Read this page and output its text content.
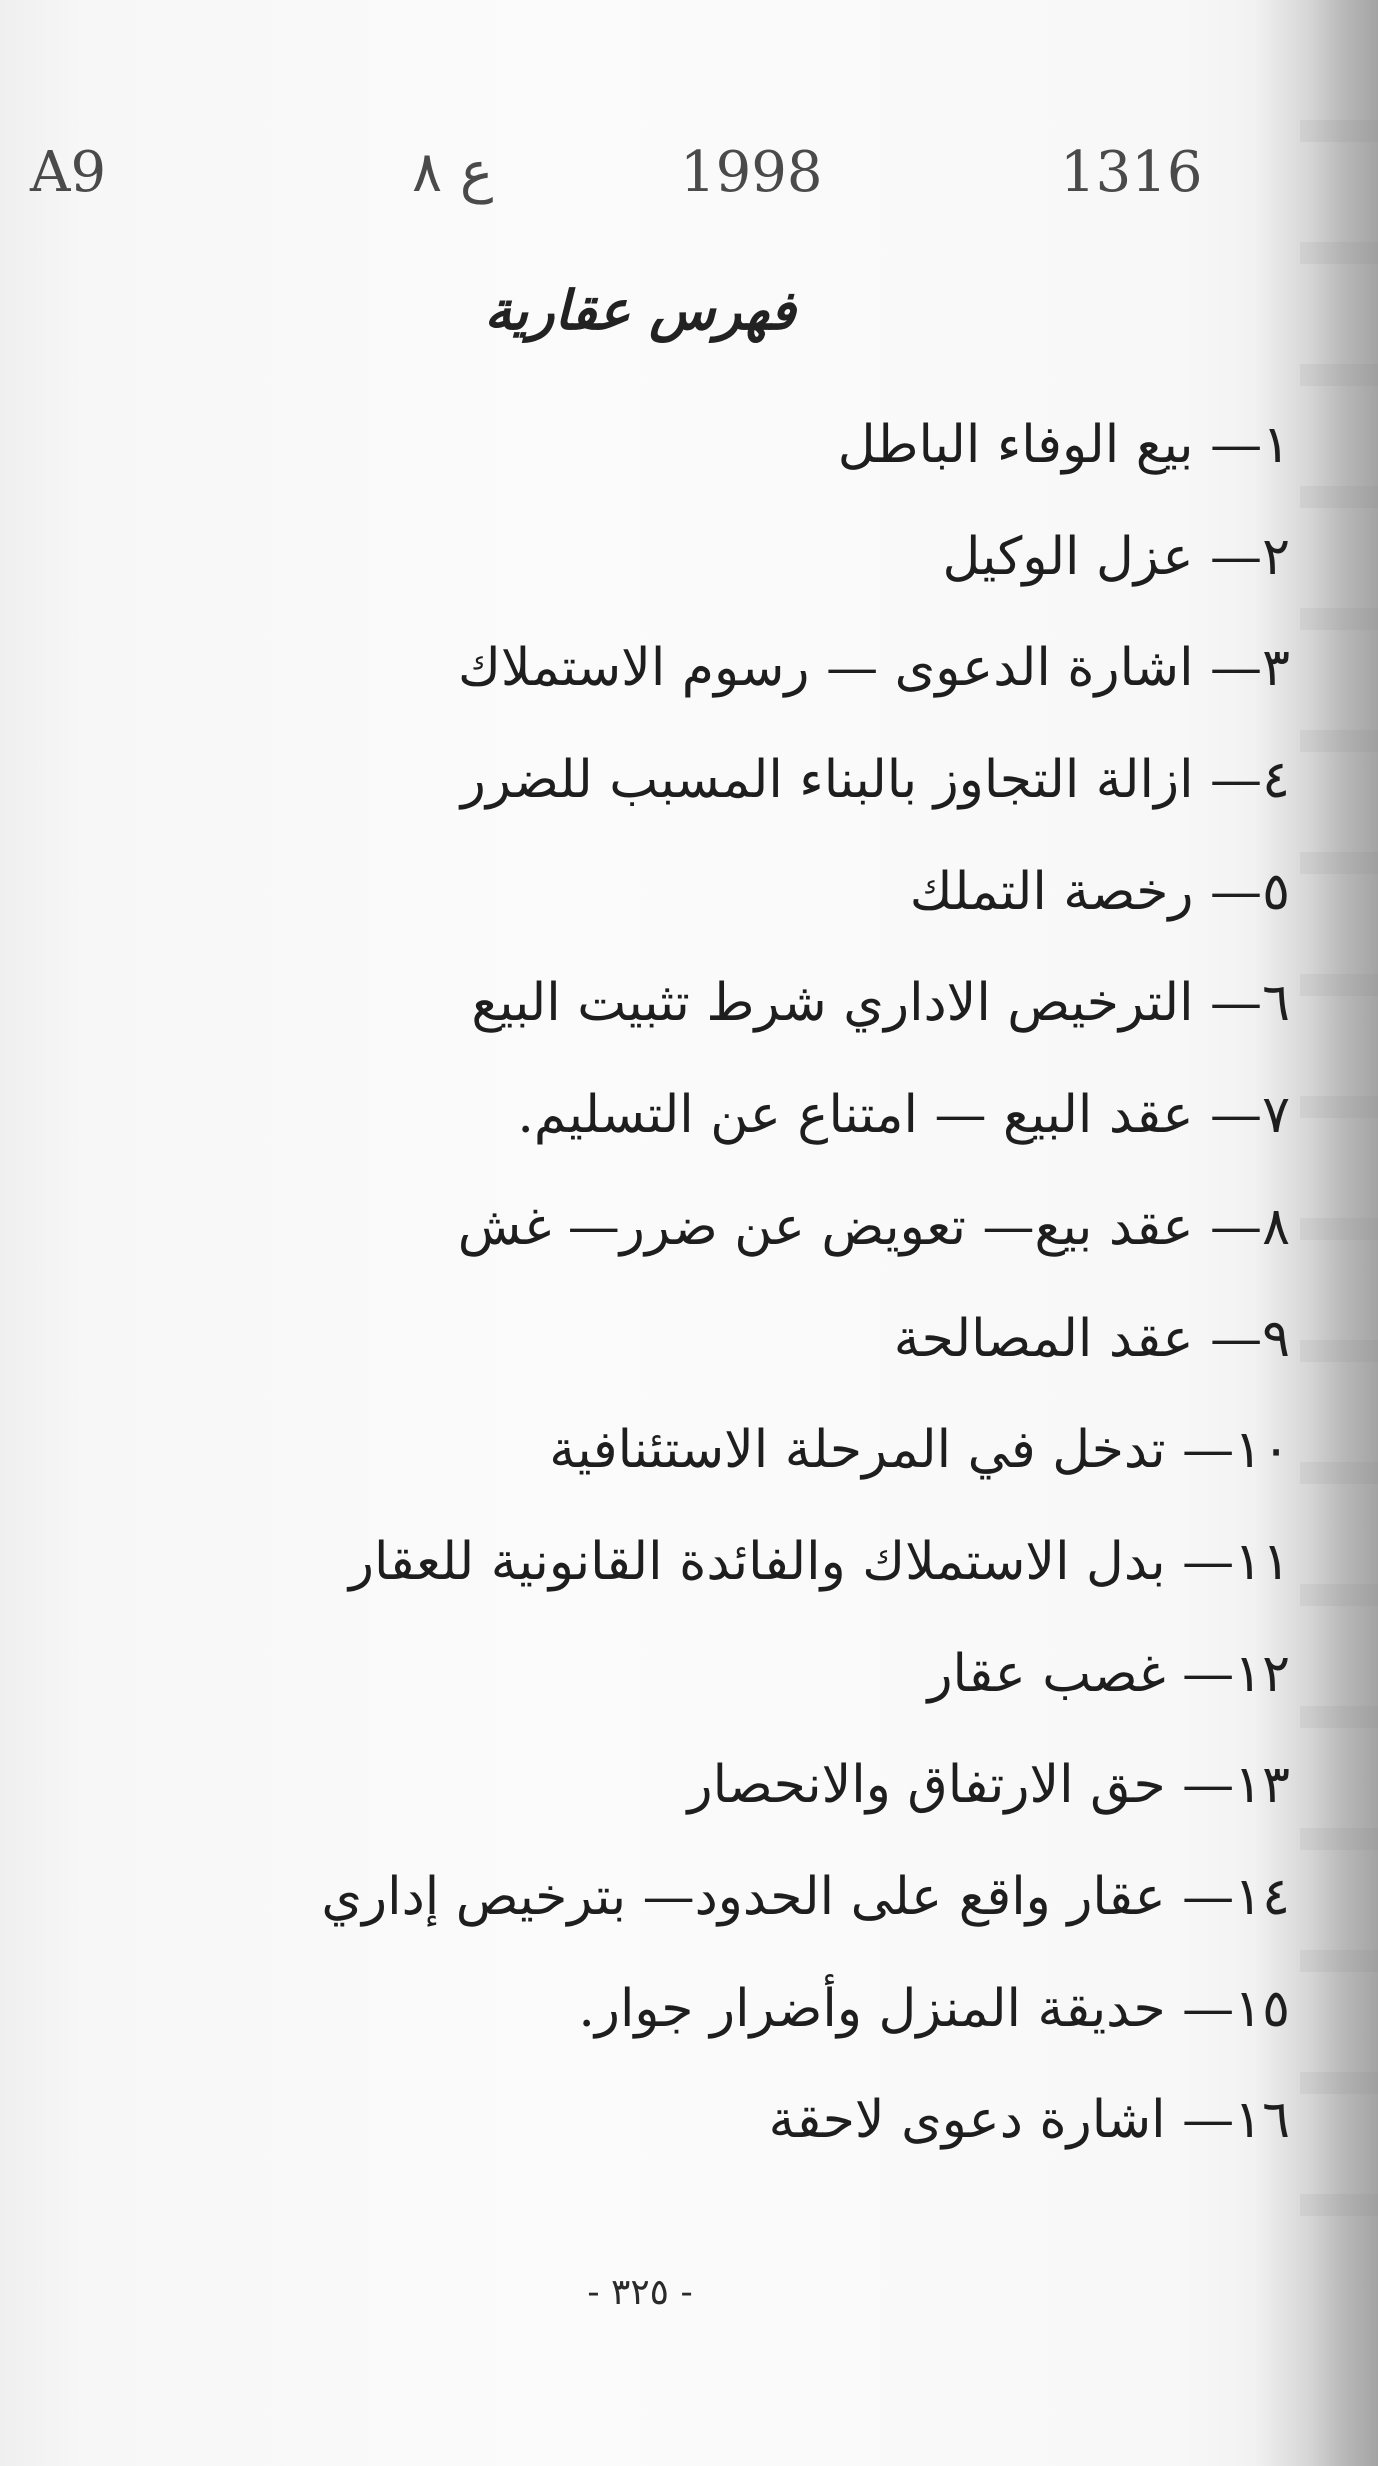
A9	ع ٨	1998	1316
فهرس عقارية
١— بيع الوفاء الباطل
٢— عزل الوكيل
٣— اشارة الدعوى — رسوم الاستملاك
٤— ازالة التجاوز بالبناء المسبب للضرر
٥— رخصة التملك
٦— الترخيص الاداري شرط تثبيت البيع
٧— عقد البيع — امتناع عن التسليم.
٨— عقد بيع— تعويض عن ضرر— غش
٩— عقد المصالحة
١٠— تدخل في المرحلة الاستئنافية
١١— بدل الاستملاك والفائدة القانونية للعقار
١٢— غصب عقار
١٣— حق الارتفاق والانحصار
١٤— عقار واقع على الحدود— بترخيص إداري
١٥— حديقة المنزل وأضرار جوار.
١٦— اشارة دعوى لاحقة
- ٣٢٥ -
